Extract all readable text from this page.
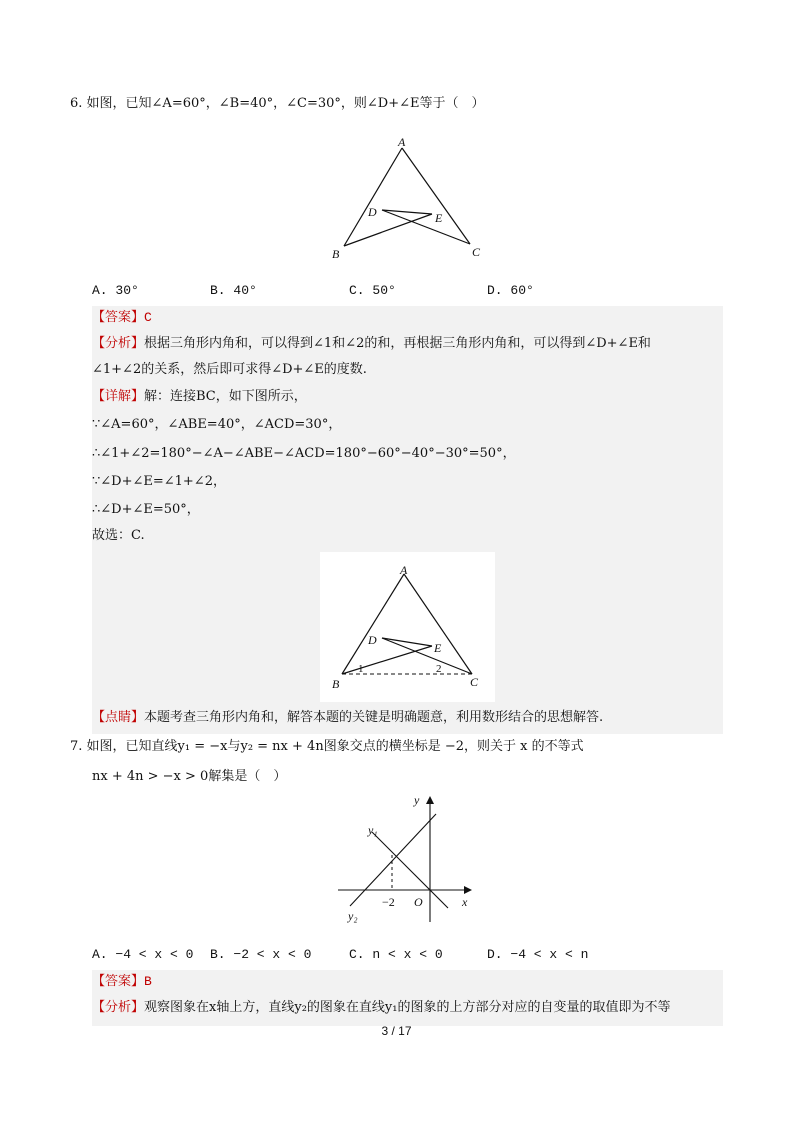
6. 如图，已知∠A=60°，∠B=40°，∠C=30°，则∠D+∠E等于（　）
A
B	C
D	E
A. 30°	B. 40°	C. 50°	D. 60°
【答案】C
【分析】根据三角形内角和，可以得到∠1和∠2的和，再根据三角形内角和，可以得到∠D+∠E和
∠1+∠2的关系，然后即可求得∠D+∠E的度数.
【详解】解：连接BC，如下图所示，
∵∠A=60°，∠ABE=40°，∠ACD=30°，
∴∠1+∠2=180°−∠A−∠ABE−∠ACD=180°−60°−40°−30°=50°，
∵∠D+∠E=∠1+∠2，
∴∠D+∠E=50°，
故选：C.
A
B	C
D
E
1	2
【点睛】本题考查三角形内角和，解答本题的关键是明确题意，利用数形结合的思想解答.
7. 如图，已知直线y₁ = −x与y₂ = nx + 4n图象交点的横坐标是 −2，则关于 x 的不等式
nx + 4n > −x > 0解集是（　）
y
x
O
−2
y₁
y₂
A. −4 < x < 0 B. −2 < x < 0	C. n < x < 0	D. −4 < x < n
【答案】B
【分析】观察图象在x轴上方，直线y₂的图象在直线y₁的图象的上方部分对应的自变量的取值即为不等
3 / 17
